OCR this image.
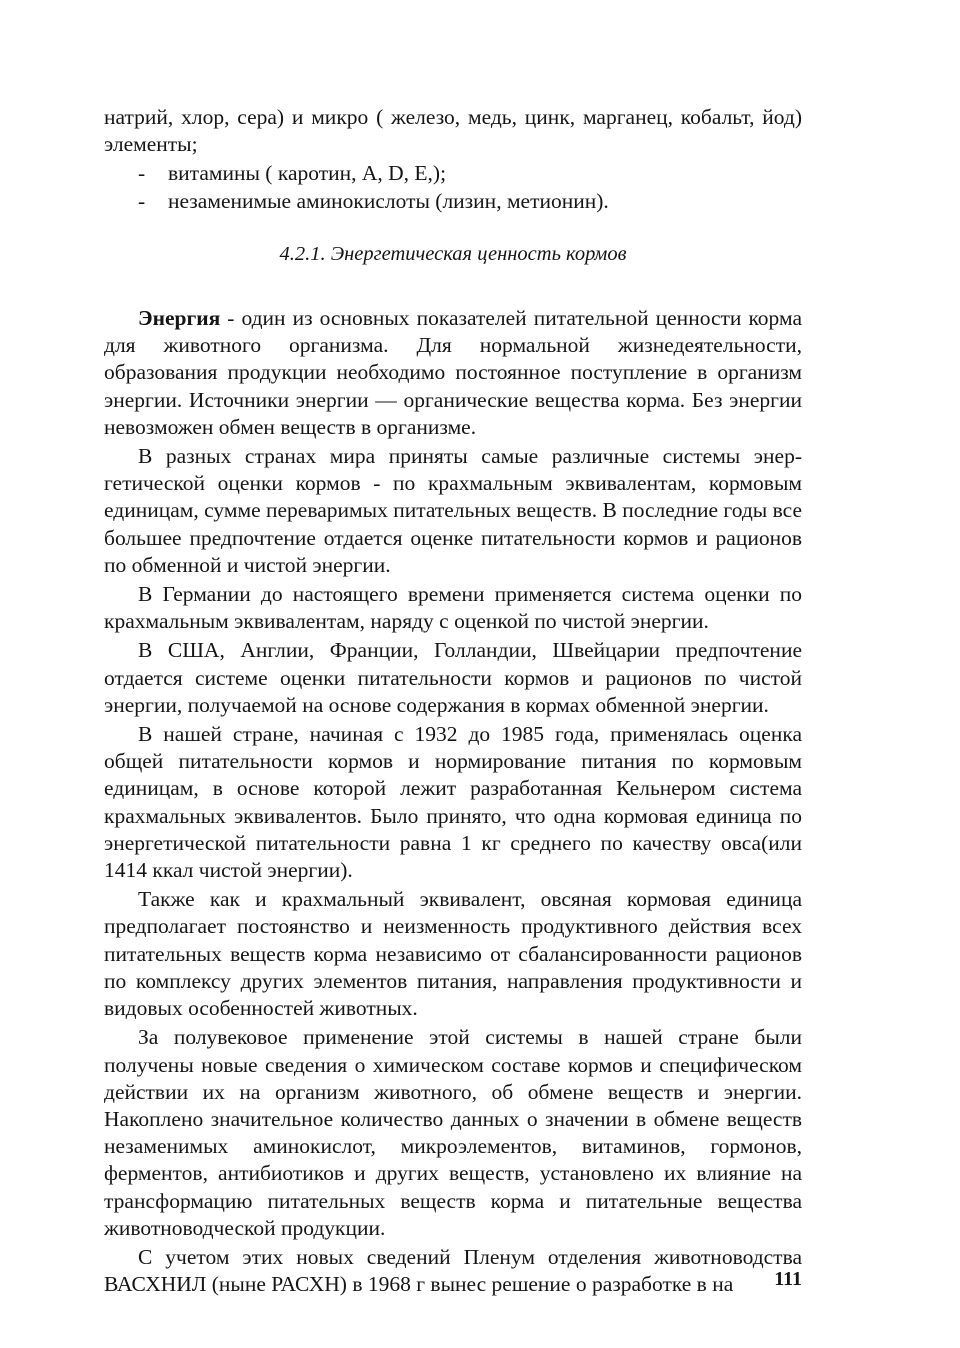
натрий, хлор, сера) и микро ( железо, медь, цинк, марганец, кобальт, йод) элементы;

- витамины ( каротин, А, D, Е,);
- незаменимые аминокислоты (лизин, метионин).

4.2.1. Энергетическая ценность кормов

Энергия - один из основных показателей питательной ценности корма для животного организма. Для нормальной жизнедеятельности, образования продукции необходимо постоянное поступление в организм энергии. Источники энергии — органические вещества корма. Без энергии невозможен обмен веществ в организме.

В разных странах мира приняты самые различные системы энергетической оценки кормов - по крахмальным эквивалентам, кормовым единицам, сумме переваримых питательных веществ. В последние годы все большее предпочтение отдается оценке питательности кормов и рационов по обменной и чистой энергии.

В Германии до настоящего времени применяется система оценки по крахмальным эквивалентам, наряду с оценкой по чистой энергии.

В США, Англии, Франции, Голландии, Швейцарии предпочтение отдается системе оценки питательности кормов и рационов по чистой энергии, получаемой на основе содержания в кормах обменной энергии.

В нашей стране, начиная с 1932 до 1985 года, применялась оценка общей питательности кормов и нормирование питания по кормовым единицам, в основе которой лежит разработанная Кельнером система крахмальных эквивалентов. Было принято, что одна кормовая единица по энергетической питательности равна 1 кг среднего по качеству овса(или 1414 ккал чистой энергии).

Также как и крахмальный эквивалент, овсяная кормовая единица предполагает постоянство и неизменность продуктивного действия всех питательных веществ корма независимо от сбалансированности рационов по комплексу других элементов питания, направления продуктивности и видовых особенностей животных.

За полувековое применение этой системы в нашей стране были получены новые сведения о химическом составе кормов и специфическом действии их на организм животного, об обмене веществ и энергии. Накоплено значительное количество данных о значении в обмене веществ незаменимых аминокислот, микроэлементов, витаминов, гормонов, ферментов, антибиотиков и других веществ, установлено их влияние на трансформацию питательных веществ корма и питательные вещества животноводческой продукции.

С учетом этих новых сведений Пленум отделения животноводства ВАСХНИЛ (ныне РАСХН) в 1968 г вынес решение о разработке в на	111
